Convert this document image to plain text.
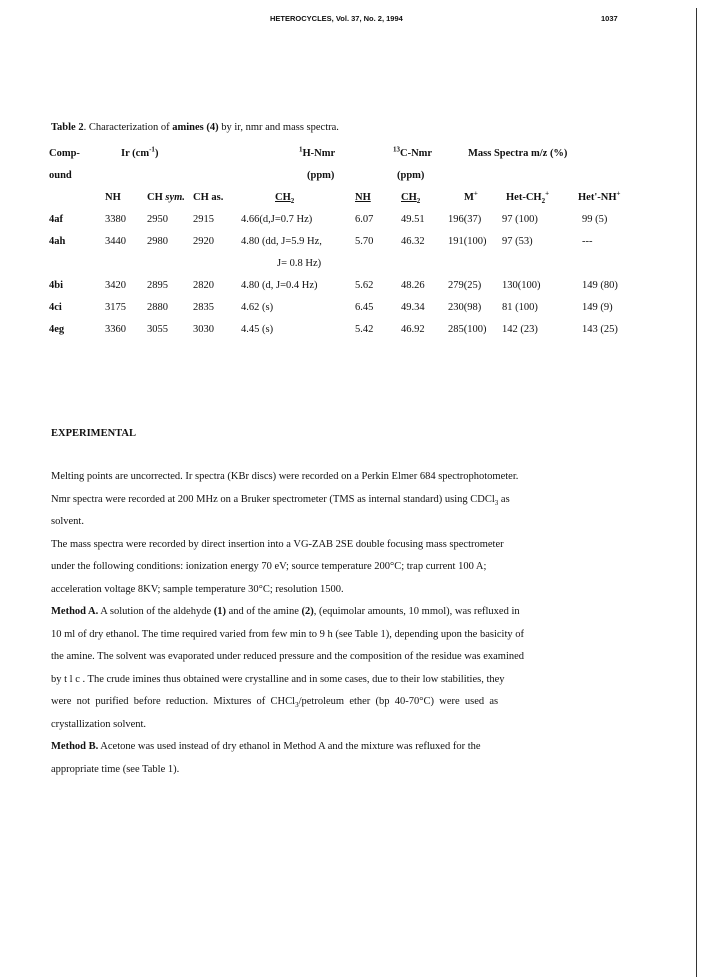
HETEROCYCLES, Vol. 37, No. 2, 1994	1037
Table 2. Characterization of amines (4) by ir, nmr and mass spectra.
Comp-	Ir $(cm^{-1})$			$^1$H-Nmr		$^{13}$C-Nmr	Mass Spectra m/z (%)		
ound				(ppm)		(ppm)			
	NH	CH sym.	CH as.	$CH_2$	NH	$CH_2$	M+	Het-$CH_2^+$	Het'-NH+
4af	3380	2950	2915	4.66(d,J=0.7 Hz)	6.07	49.51	196(37)	97 (100)	99 (5)
4ah	3440	2980	2920	4.80 (dd, J=5.9 Hz,	5.70	46.32	191(100)	97 (53)	---
				J= 0.8 Hz)					
4bi	3420	2895	2820	4.80 (d, J=0.4 Hz)	5.62	48.26	279(25)	130(100)	149 (80)
4ci	3175	2880	2835	4.62 (s)	6.45	49.34	230(98)	81 (100)	149 (9)
4eg	3360	3055	3030	4.45 (s)	5.42	46.92	285(100)	142 (23)	143 (25)
EXPERIMENTAL

Melting points are uncorrected. Ir spectra (KBr discs) were recorded on a Perkin Elmer 684 spectrophotometer.

Nmr spectra were recorded at 200 MHz on a Bruker spectrometer (TMS as internal standard) using CDCl$_3$ as

solvent.

The mass spectra were recorded by direct insertion into a VG-ZAB 2SE double focusing mass spectrometer

under the following conditions: ionization energy 70 eV; source temperature 200°C; trap current 100 A;

acceleration voltage 8KV; sample temperature 30°C; resolution 1500.

Method A. A solution of the aldehyde (1) and of the amine (2), (equimolar amounts, 10 mmol), was refluxed in

10 ml of dry ethanol. The time required varied from few min to 9 h (see Table 1), depending upon the basicity of

the amine. The solvent was evaporated under reduced pressure and the composition of the residue was examined

by t l c . The crude imines thus obtained were crystalline and in some cases, due to their low stabilities, they

were  not  purified  before  reduction.  Mixtures  of  CHCl$_3$/petroleum  ether  (bp  40-70°C)  were  used  as

crystallization solvent.

Method B. Acetone was used instead of dry ethanol in Method A and the mixture was refluxed for the

appropriate time (see Table 1).
